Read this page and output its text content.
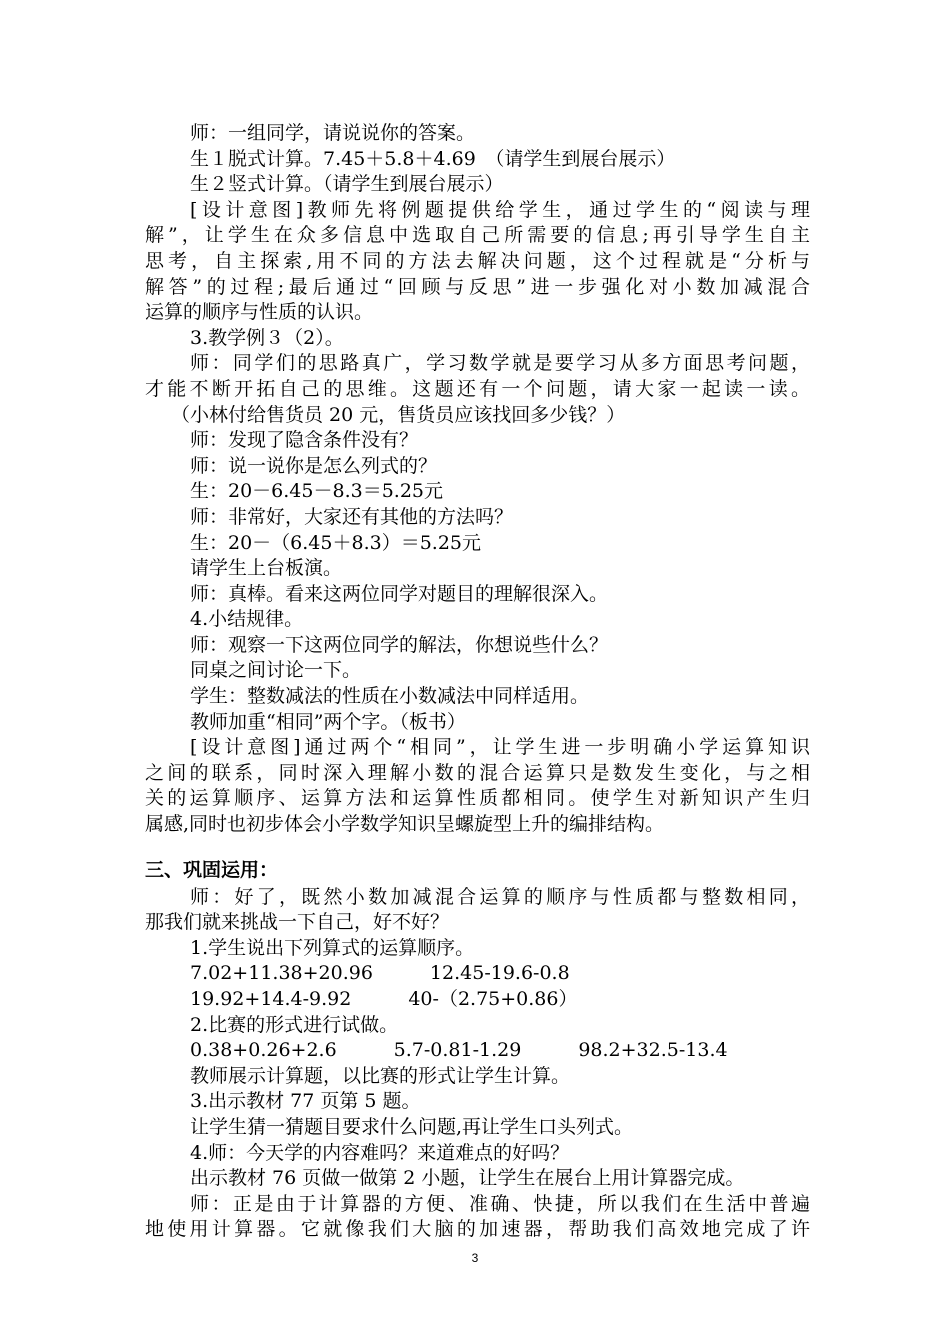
师：一组同学，请说说你的答案。
生１脱式计算。7.45＋5.8＋4.69　（请学生到展台展示）
生２竖式计算。（请学生到展台展示）
[设计意图]教师先将例题提供给学生，通过学生的“阅读与理
解”，让学生在众多信息中选取自己所需要的信息;再引导学生自主
思考，自主探索,用不同的方法去解决问题，这个过程就是“分析与
解答”的过程;最后通过“回顾与反思”进一步强化对小数加减混合
运算的顺序与性质的认识。
3.教学例３（2）。
师：同学们的思路真广，学习数学就是要学习从多方面思考问题，
才能不断开拓自己的思维。这题还有一个问题，请大家一起读一读。
（小林付给售货员 20 元，售货员应该找回多少钱？）
师：发现了隐含条件没有？
师：说一说你是怎么列式的？
生：20－6.45－8.3＝5.25元
师：非常好，大家还有其他的方法吗？
生：20－（6.45＋8.3）＝5.25元
请学生上台板演。
师：真棒。看来这两位同学对题目的理解很深入。
4.小结规律。
师：观察一下这两位同学的解法，你想说些什么？
同桌之间讨论一下。
学生：整数减法的性质在小数减法中同样适用。
教师加重“相同”两个字。（板书）
[设计意图]通过两个“相同”，让学生进一步明确小学运算知识
之间的联系，同时深入理解小数的混合运算只是数发生变化，与之相
关的运算顺序、运算方法和运算性质都相同。使学生对新知识产生归
属感,同时也初步体会小学数学知识呈螺旋型上升的编排结构。
三、巩固运用：
师：好了，既然小数加减混合运算的顺序与性质都与整数相同，
那我们就来挑战一下自己，好不好？
1.学生说出下列算式的运算顺序。
7.02+11.38+20.96　　　12.45-19.6-0.8
19.92+14.4-9.92　　　40-（2.75+0.86）
2.比赛的形式进行试做。
0.38+0.26+2.6　　　5.7-0.81-1.29　　　98.2+32.5-13.4
教师展示计算题，以比赛的形式让学生计算。
3.出示教材 77 页第 5 题。
让学生猜一猜题目要求什么问题,再让学生口头列式。
4.师：今天学的内容难吗？来道难点的好吗？
出示教材 76 页做一做第 2 小题，让学生在展台上用计算器完成。
师：正是由于计算器的方便、准确、快捷，所以我们在生活中普遍
地使用计算器。它就像我们大脑的加速器，帮助我们高效地完成了许
3
